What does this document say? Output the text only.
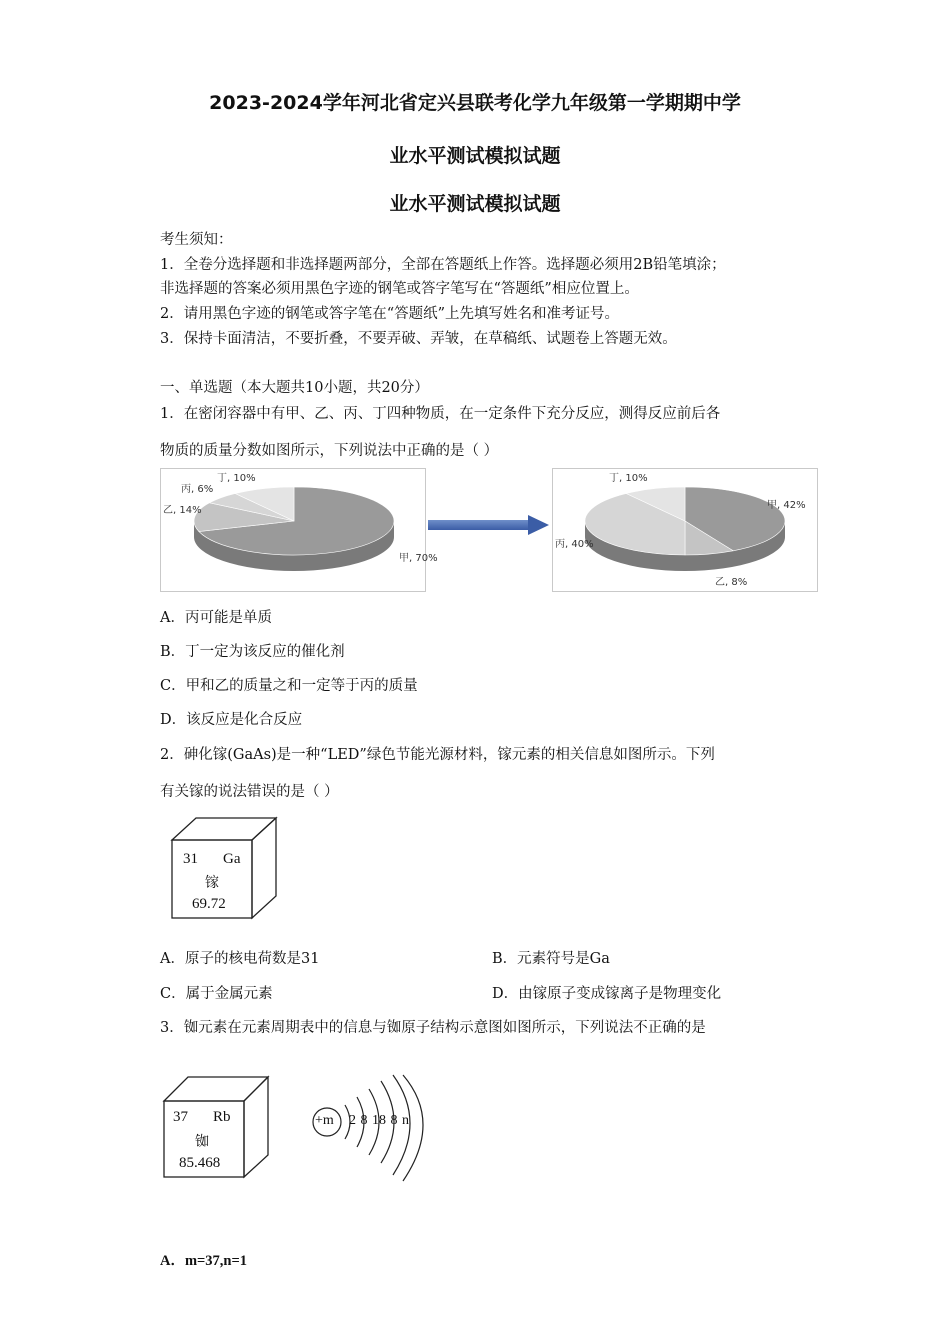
2023-2024学年河北省定兴县联考化学九年级第一学期期中学
业水平测试模拟试题
业水平测试模拟试题
考生须知：
1．全卷分选择题和非选择题两部分，全部在答题纸上作答。选择题必须用2B铅笔填涂；
非选择题的答案必须用黑色字迹的钢笔或答字笔写在“答题纸”相应位置上。
2．请用黑色字迹的钢笔或答字笔在“答题纸”上先填写姓名和准考证号。
3．保持卡面清洁，不要折叠，不要弄破、弄皱，在草稿纸、试题卷上答题无效。
一、单选题（本大题共10小题，共20分）
1．在密闭容器中有甲、乙、丙、丁四种物质，在一定条件下充分反应，测得反应前后各
物质的质量分数如图所示，下列说法中正确的是（ ）
甲, 70%
乙, 14%
丙, 6%
丁, 10%
甲, 42%
乙, 8%
丙, 40%
丁, 10%
A．丙可能是单质
B．丁一定为该反应的催化剂
C．甲和乙的质量之和一定等于丙的质量
D．该反应是化合反应
2．砷化镓(GaAs)是一种“LED”绿色节能光源材料，镓元素的相关信息如图所示。下列
有关镓的说法错误的是（ ）
31 Ga
镓
69.72
A．原子的核电荷数是31	B．元素符号是Ga
C．属于金属元素	D．由镓原子变成镓离子是物理变化
3．铷元素在元素周期表中的信息与铷原子结构示意图如图所示，下列说法不正确的是
37 Rb
铷
85.468
+m 2 8 18 8 n
A．m=37,n=1
